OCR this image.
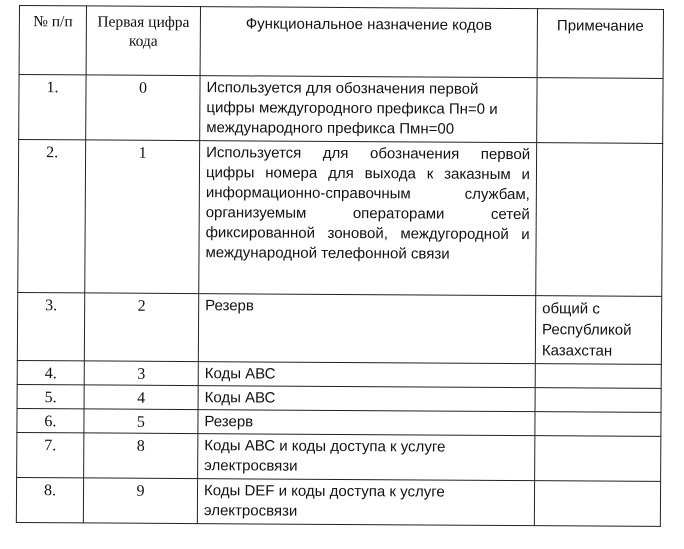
№ п/п	Первая цифра кода	Функциональное назначение кодов	Примечание
1.	0	Используется для обозначения первой цифры междугородного префикса Пн=0 и международного префикса Пмн=00	
2.	1	Используется для обозначения первой цифры номера для выхода к заказным и информационно-справочным службам, организуемым операторами сетей фиксированной зоновой, междугородной и международной телефонной связи	
3.	2	Резерв	общий с Республикой Казахстан
4.	3	Коды АВС	
5.	4	Коды АВС	
6.	5	Резерв	
7.	8	Коды АВС и коды доступа к услуге электросвязи	
8.	9	Коды DEF и коды доступа к услуге электросвязи	
